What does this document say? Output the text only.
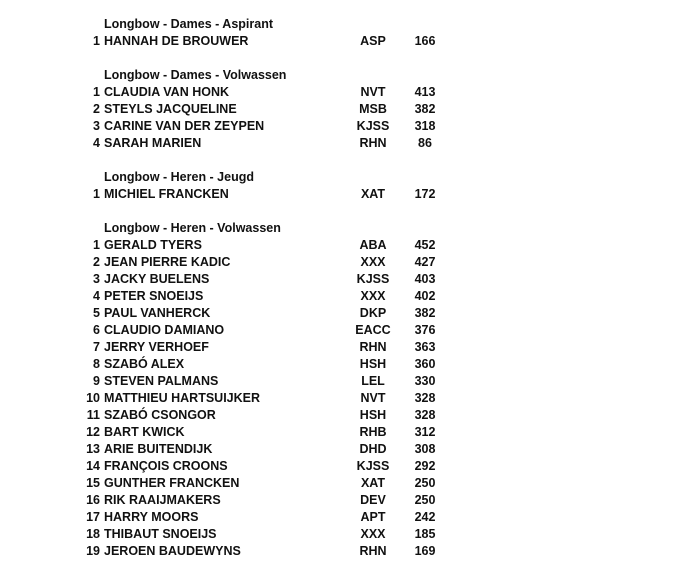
Longbow - Dames - Aspirant
1 HANNAH DE BROUWER	ASP	166
Longbow - Dames - Volwassen
1 CLAUDIA VAN HONK	NVT	413
2 STEYLS JACQUELINE	MSB	382
3 CARINE VAN DER ZEYPEN	KJSS	318
4 SARAH MARIEN	RHN	86
Longbow - Heren - Jeugd
1 MICHIEL FRANCKEN	XAT	172
Longbow - Heren - Volwassen
1 GERALD TYERS	ABA	452
2 JEAN PIERRE KADIC	XXX	427
3 JACKY BUELENS	KJSS	403
4 PETER SNOEIJS	XXX	402
5 PAUL VANHERCK	DKP	382
6 CLAUDIO DAMIANO	EACC	376
7 JERRY VERHOEF	RHN	363
8 SZABÓ ALEX	HSH	360
9 STEVEN PALMANS	LEL	330
10 MATTHIEU HARTSUIJKER	NVT	328
11 SZABÓ CSONGOR	HSH	328
12 BART KWICK	RHB	312
13 ARIE BUITENDIJK	DHD	308
14 FRANÇOIS CROONS	KJSS	292
15 GUNTHER FRANCKEN	XAT	250
16 RIK RAAIJMAKERS	DEV	250
17 HARRY MOORS	APT	242
18 THIBAUT SNOEIJS	XXX	185
19 JEROEN BAUDEWYNS	RHN	169
